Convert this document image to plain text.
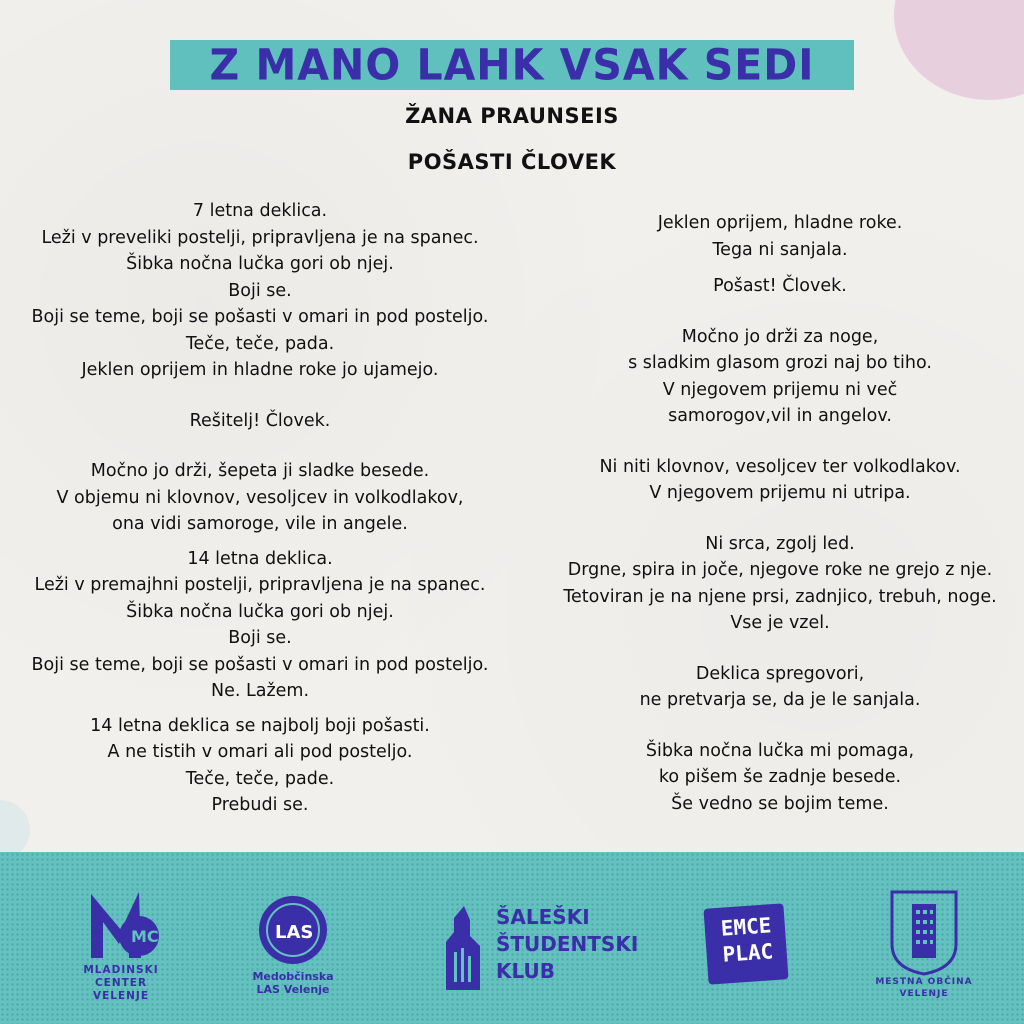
Z MANO LAHK VSAK SEDI
ŽANA PRAUNSEIS
POŠASTI ČLOVEK
7 letna deklica.
Leži v preveliki postelji, pripravljena je na spanec.
Šibka nočna lučka gori ob njej.
Boji se.
Boji se teme, boji se pošasti v omari in pod posteljo.
Teče, teče, pada.
Jeklen oprijem in hladne roke jo ujamejo.
Rešitelj! Človek.
Močno jo drži, šepeta ji sladke besede.
V objemu ni klovnov, vesoljcev in volkodlakov,
ona vidi samoroge, vile in angele.
14 letna deklica.
Leži v premajhni postelji, pripravljena je na spanec.
Šibka nočna lučka gori ob njej.
Boji se.
Boji se teme, boji se pošasti v omari in pod posteljo.
Ne. Lažem.
14 letna deklica se najbolj boji pošasti.
A ne tistih v omari ali pod posteljo.
Teče, teče, pade.
Prebudi se.
Jeklen oprijem, hladne roke.
Tega ni sanjala.
Pošast! Človek.
Močno jo drži za noge,
s sladkim glasom grozi naj bo tiho.
V njegovem prijemu ni več
samorogov,vil in angelov.
Ni niti klovnov, vesoljcev ter volkodlakov.
V njegovem prijemu ni utripa.
Ni srca, zgolj led.
Drgne, spira in joče, njegove roke ne grejo z nje.
Tetoviran je na njene prsi, zadnjico, trebuh, noge.
Vse je vzel.
Deklica spregovori,
ne pretvarja se, da je le sanjala.
Šibka nočna lučka mi pomaga,
ko pišem še zadnje besede.
Še vedno se bojim teme.
MC
MLADINSKI
CENTER
VELENJE
LAS
Medobčinska
LAS Velenje
ŠALEŠKI
ŠTUDENTSKI
KLUB
EMCE
PLAC
MESTNA OBČINA
VELENJE
